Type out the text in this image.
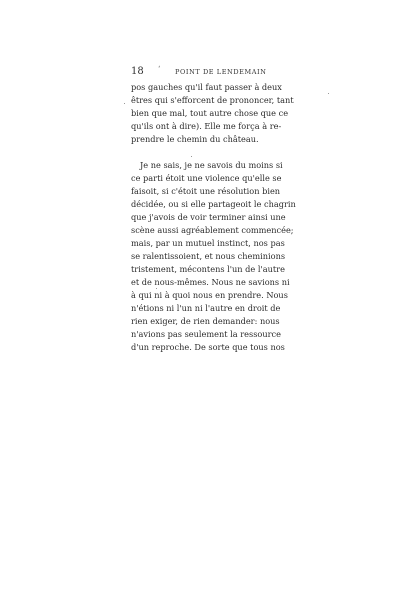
18 ‘ POINT DE LENDEMAIN
pos gauches qu'il faut passer à deux
êtres qui s'efforcent de prononcer, tant
bien que mal, tout autre chose que ce
qu'ils ont à dire). Elle me força à re-
prendre le chemin du château.
Je ne sais, je ne savois du moins si
ce parti étoit une violence qu'elle se
faisoit, si c'étoit une résolution bien
décidée, ou si elle partageoit le chagrin
que j'avois de voir terminer ainsi une
scène aussi agréablement commencée;
mais, par un mutuel instinct, nos pas
se ralentissoient, et nous cheminions
tristement, mécontens l'un de l'autre
et de nous-mêmes. Nous ne savions ni
à qui ni à quoi nous en prendre. Nous
n'étions ni l'un ni l'autre en droit de
rien exiger, de rien demander: nous
n'avions pas seulement la ressource
d'un reproche. De sorte que tous nos
